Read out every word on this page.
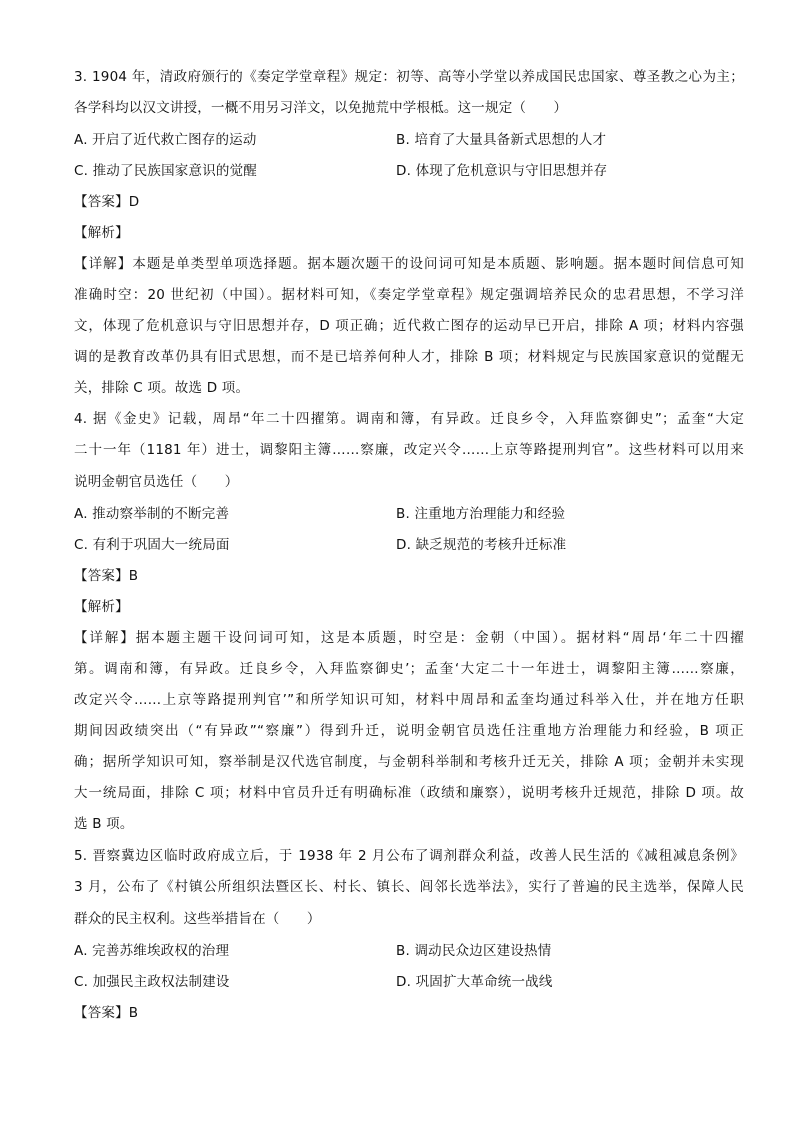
3. 1904 年，清政府颁行的《奏定学堂章程》规定：初等、高等小学堂以养成国民忠国家、尊圣教之心为主；
各学科均以汉文讲授，一概不用另习洋文，以免抛荒中学根柢。这一规定（　　）
A. 开启了近代救亡图存的运动	B. 培育了大量具备新式思想的人才
C. 推动了民族国家意识的觉醒	D. 体现了危机意识与守旧思想并存
【答案】D
【解析】
【详解】本题是单类型单项选择题。据本题次题干的设问词可知是本质题、影响题。据本题时间信息可知
准确时空：20 世纪初（中国）。据材料可知，《奏定学堂章程》规定强调培养民众的忠君思想，不学习洋
文，体现了危机意识与守旧思想并存，D 项正确；近代救亡图存的运动早已开启，排除 A 项；材料内容强
调的是教育改革仍具有旧式思想，而不是已培养何种人才，排除 B 项；材料规定与民族国家意识的觉醒无
关，排除 C 项。故选 D 项。
4. 据《金史》记载，周昂“年二十四擢第。调南和簿，有异政。迁良乡令，入拜监察御史”；孟奎“大定
二十一年（1181 年）进士，调黎阳主簿……察廉，改定兴令……上京等路提刑判官”。这些材料可以用来
说明金朝官员选任（　　）
A. 推动察举制的不断完善	B. 注重地方治理能力和经验
C. 有利于巩固大一统局面	D. 缺乏规范的考核升迁标准
【答案】B
【解析】
【详解】据本题主题干设问词可知，这是本质题，时空是：金朝（中国）。据材料“周昂‘年二十四擢
第。调南和簿，有异政。迁良乡令，入拜监察御史’；孟奎‘大定二十一年进士，调黎阳主簿……察廉，
改定兴令……上京等路提刑判官’”和所学知识可知，材料中周昂和孟奎均通过科举入仕，并在地方任职
期间因政绩突出（“有异政”“察廉”）得到升迁，说明金朝官员选任注重地方治理能力和经验，B 项正
确；据所学知识可知，察举制是汉代选官制度，与金朝科举制和考核升迁无关，排除 A 项；金朝并未实现
大一统局面，排除 C 项；材料中官员升迁有明确标准（政绩和廉察），说明考核升迁规范，排除 D 项。故
选 B 项。
5. 晋察冀边区临时政府成立后，于 1938 年 2 月公布了调剂群众利益，改善人民生活的《减租减息条例》
3 月，公布了《村镇公所组织法暨区长、村长、镇长、闾邻长选举法》，实行了普遍的民主选举，保障人民
群众的民主权利。这些举措旨在（　　）
A. 完善苏维埃政权的治理	B. 调动民众边区建设热情
C. 加强民主政权法制建设	D. 巩固扩大革命统一战线
【答案】B
